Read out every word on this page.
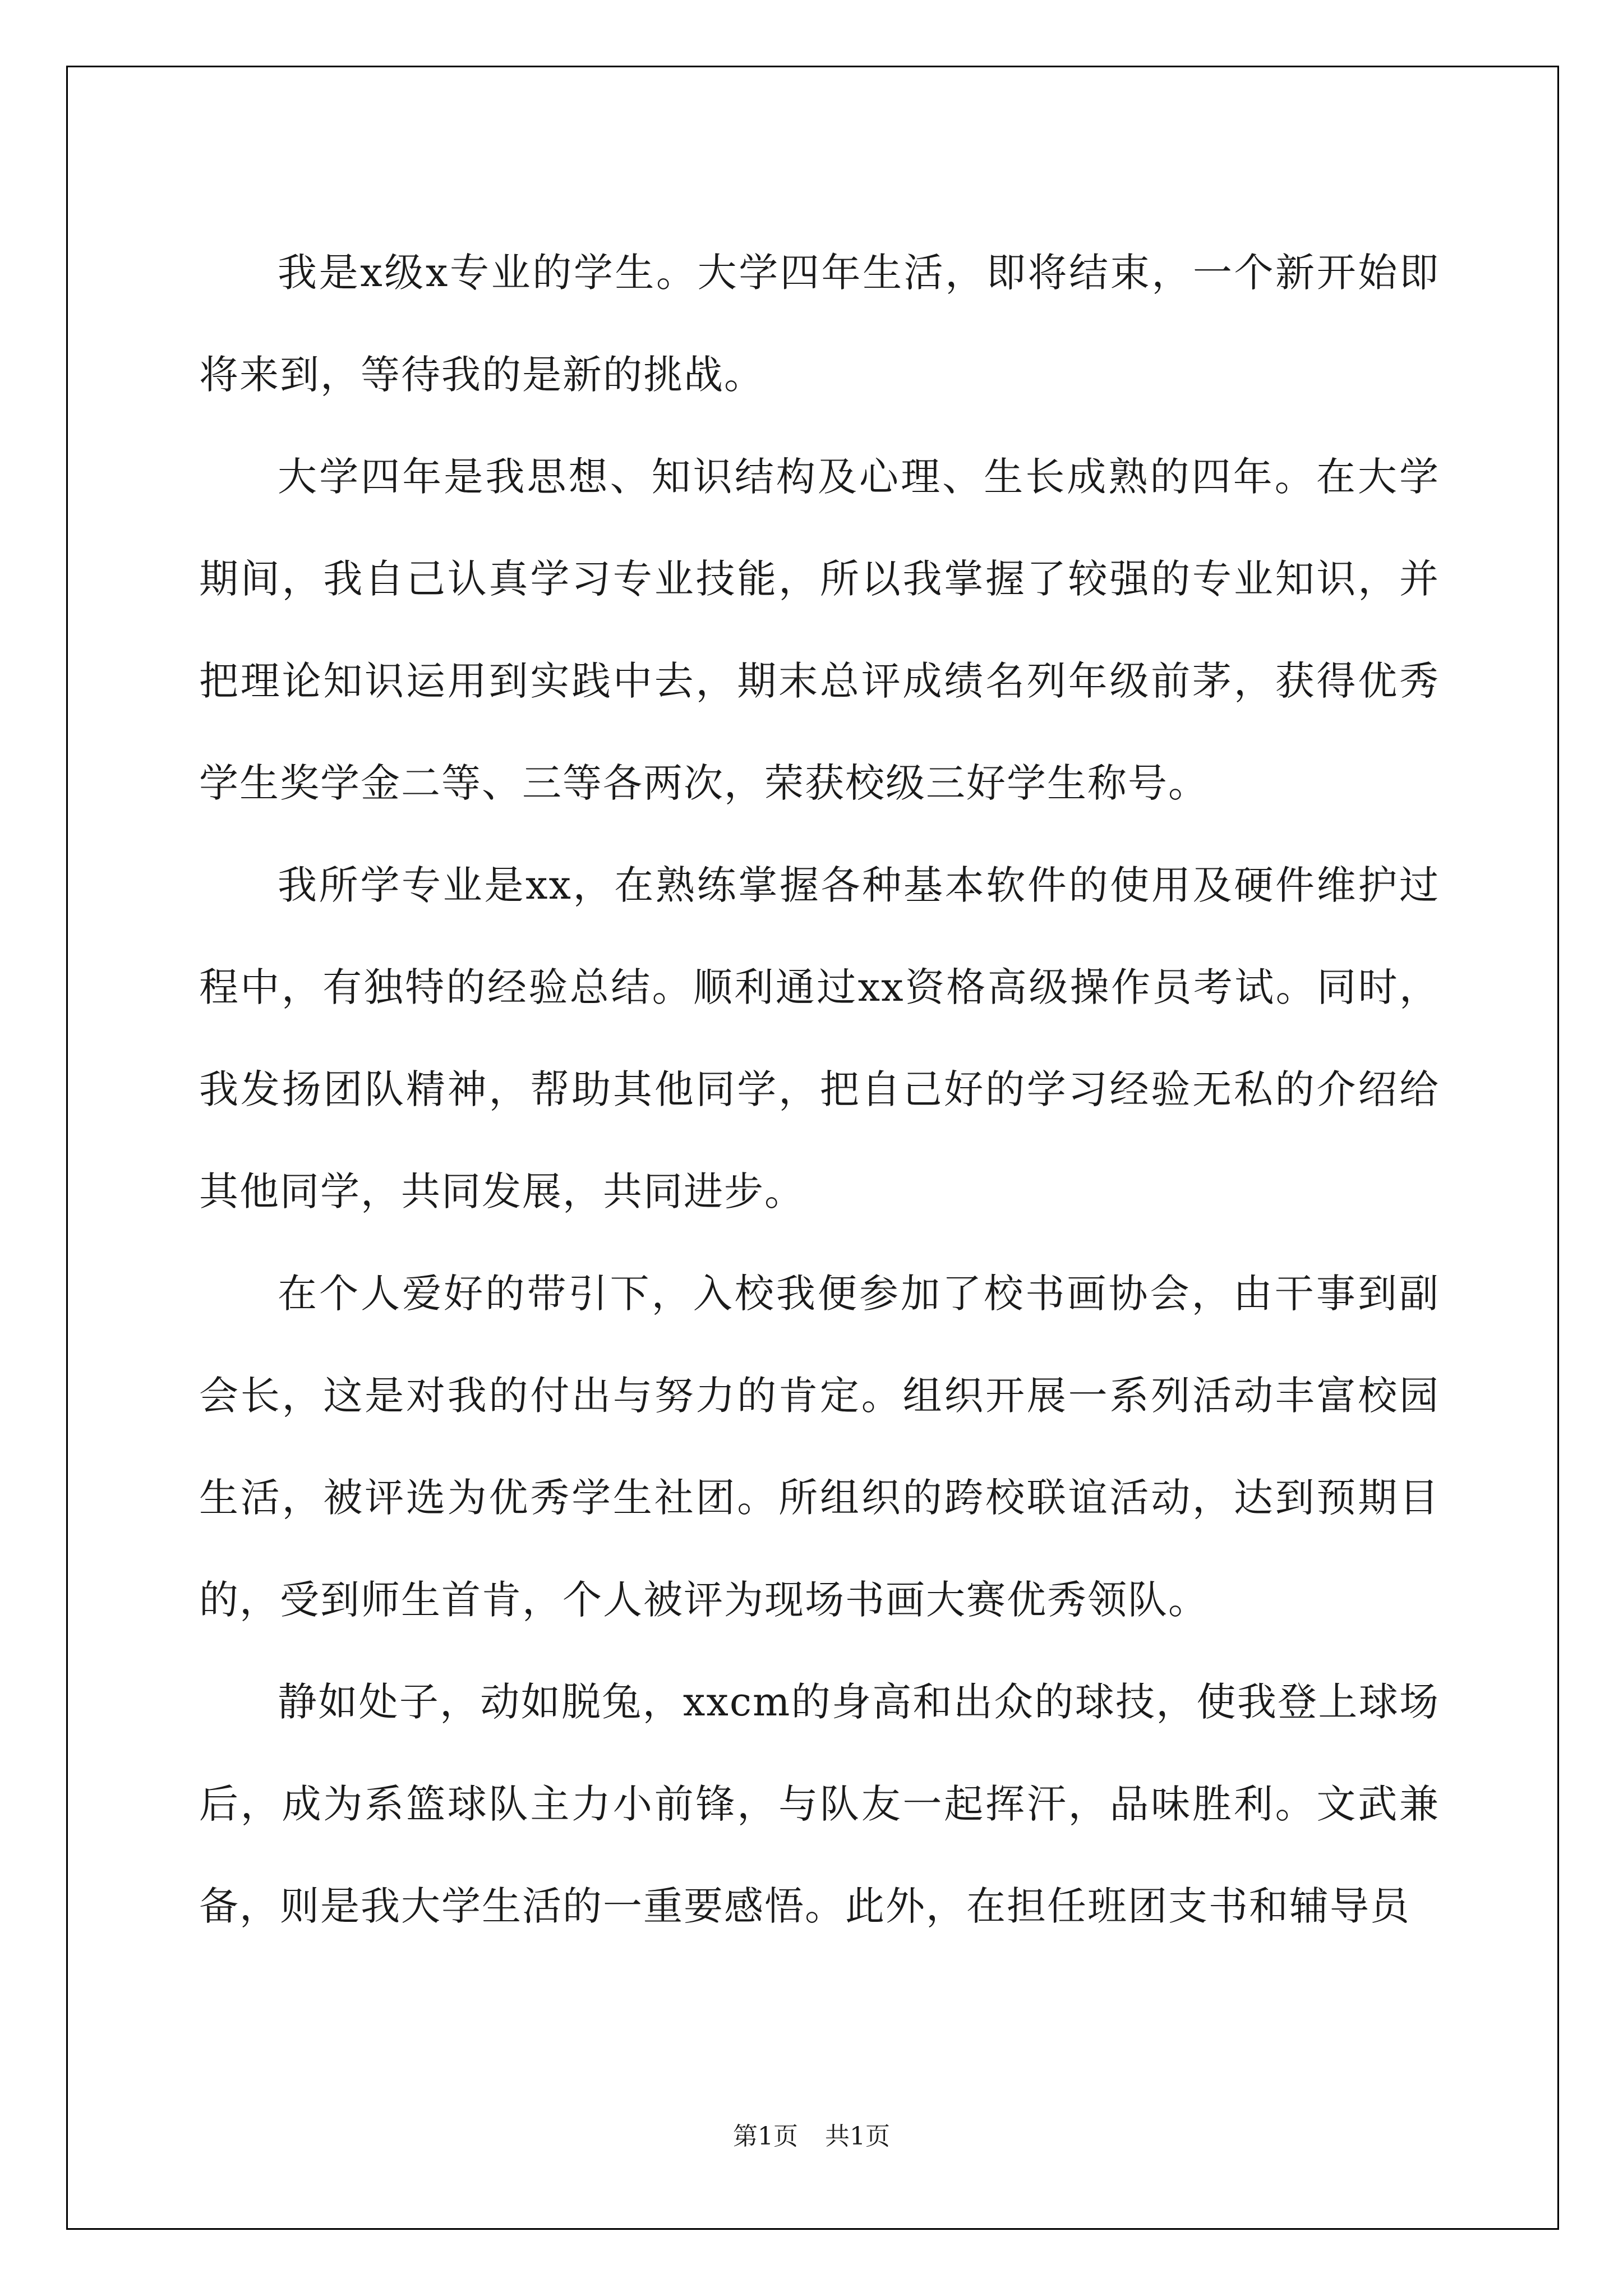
我是x级x专业的学生。大学四年生活，即将结束，一个新开始即将来到，等待我的是新的挑战。

大学四年是我思想、知识结构及心理、生长成熟的四年。在大学期间，我自己认真学习专业技能，所以我掌握了较强的专业知识，并把理论知识运用到实践中去，期末总评成绩名列年级前茅，获得优秀学生奖学金二等、三等各两次，荣获校级三好学生称号。

我所学专业是xx，在熟练掌握各种基本软件的使用及硬件维护过程中，有独特的经验总结。顺利通过xx资格高级操作员考试。同时，我发扬团队精神，帮助其他同学，把自己好的学习经验无私的介绍给其他同学，共同发展，共同进步。

在个人爱好的带引下，入校我便参加了校书画协会，由干事到副会长，这是对我的付出与努力的肯定。组织开展一系列活动丰富校园生活，被评选为优秀学生社团。所组织的跨校联谊活动，达到预期目的，受到师生首肯，个人被评为现场书画大赛优秀领队。

静如处子，动如脱兔，xxcm的身高和出众的球技，使我登上球场后，成为系篮球队主力小前锋，与队友一起挥汗，品味胜利。文武兼备，则是我大学生活的一重要感悟。此外，在担任班团支书和辅导员

第1页 共1页
